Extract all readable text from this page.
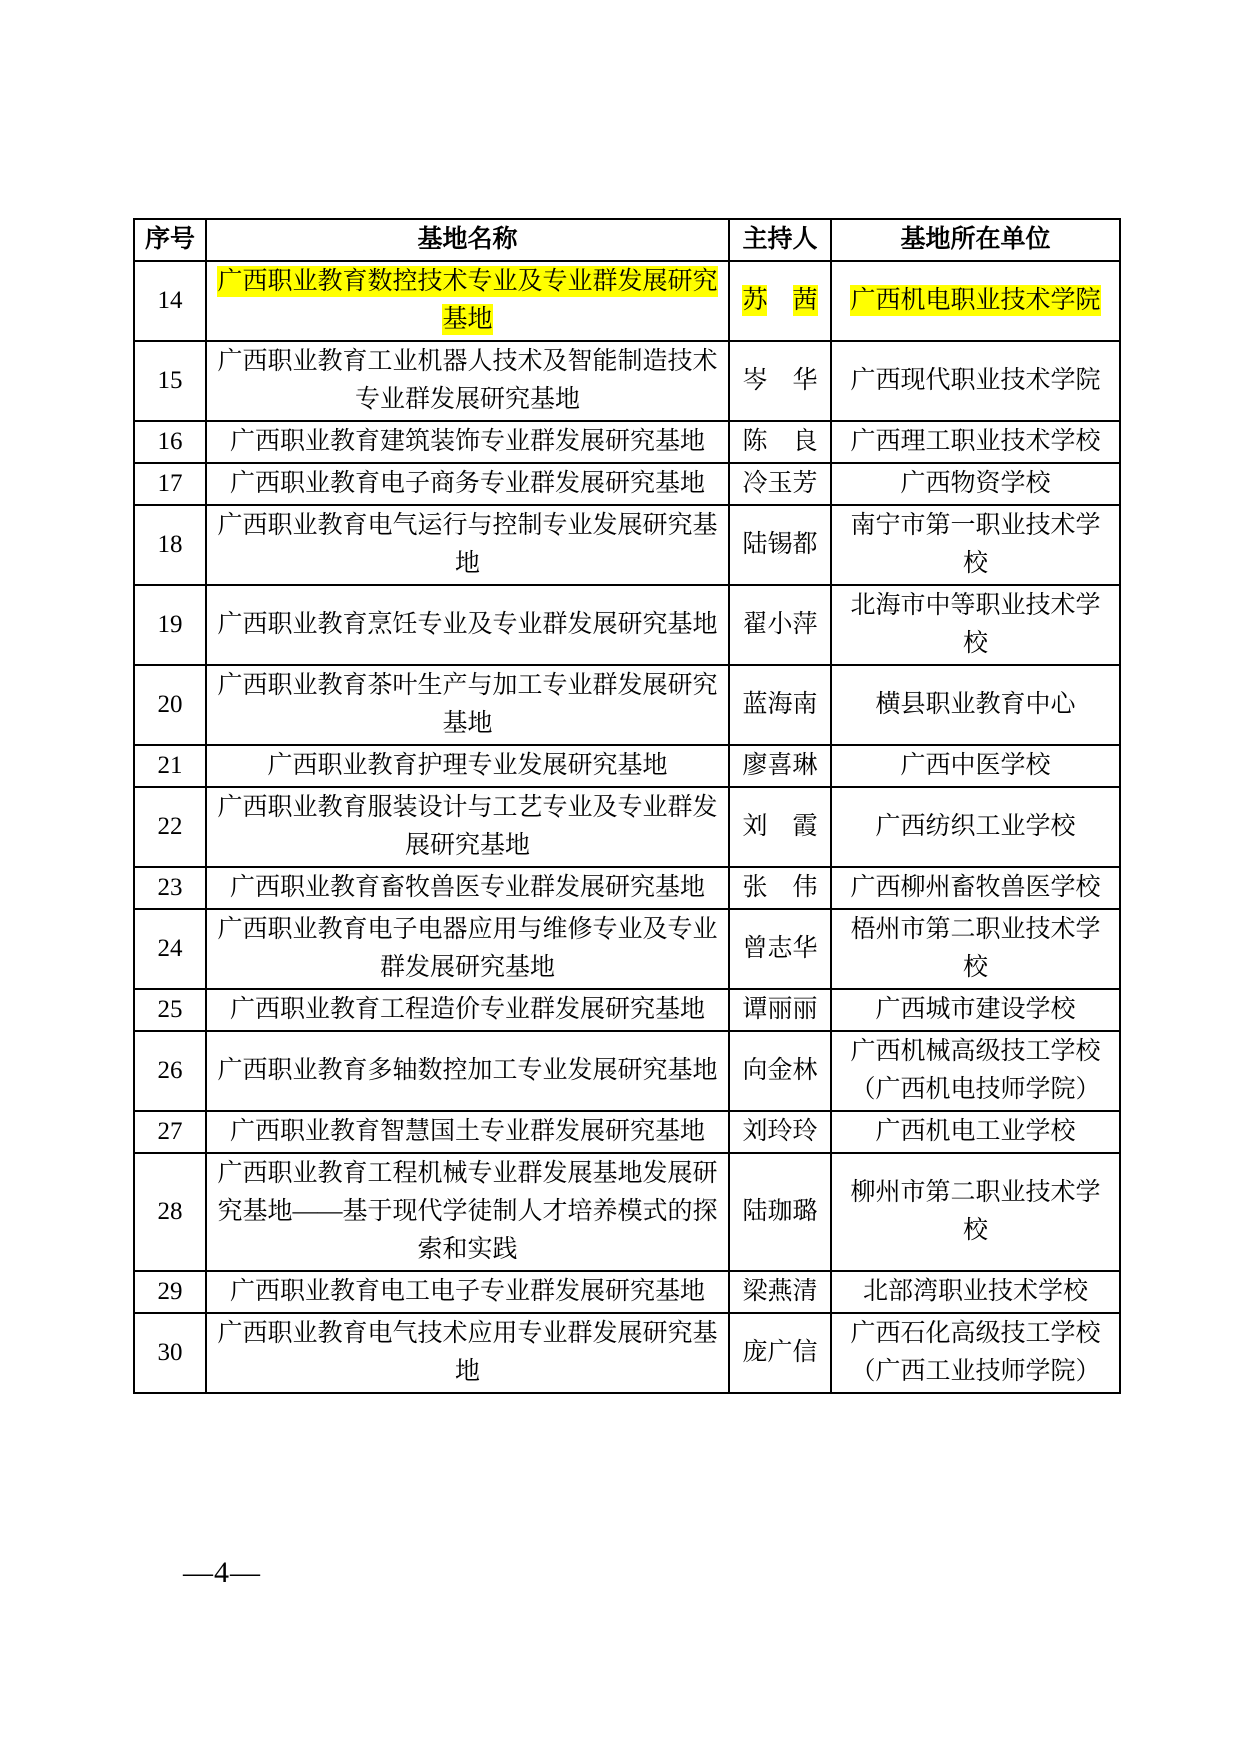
序号	基地名称	主持人	基地所在单位
14	广西职业教育数控技术专业及专业群发展研究基地	苏　 茜	广西机电职业技术学院
15	广西职业教育工业机器人技术及智能制造技术专业群发展研究基地	岑　华	广西现代职业技术学院
16	广西职业教育建筑装饰专业群发展研究基地	陈　良	广西理工职业技术学校
17	广西职业教育电子商务专业群发展研究基地	冷玉芳	广西物资学校
18	广西职业教育电气运行与控制专业发展研究基地	陆锡都	南宁市第一职业技术学校
19	广西职业教育烹饪专业及专业群发展研究基地	翟小萍	北海市中等职业技术学校
20	广西职业教育茶叶生产与加工专业群发展研究基地	蓝海南	横县职业教育中心
21	广西职业教育护理专业发展研究基地	廖喜琳	广西中医学校
22	广西职业教育服装设计与工艺专业及专业群发展研究基地	刘　霞	广西纺织工业学校
23	广西职业教育畜牧兽医专业群发展研究基地	张　伟	广西柳州畜牧兽医学校
24	广西职业教育电子电器应用与维修专业及专业群发展研究基地	曾志华	梧州市第二职业技术学校
25	广西职业教育工程造价专业群发展研究基地	谭丽丽	广西城市建设学校
26	广西职业教育多轴数控加工专业发展研究基地	向金林	广西机械高级技工学校（广西机电技师学院）
27	广西职业教育智慧国土专业群发展研究基地	刘玲玲	广西机电工业学校
28	广西职业教育工程机械专业群发展基地发展研究基地——基于现代学徒制人才培养模式的探索和实践	陆珈璐	柳州市第二职业技术学校
29	广西职业教育电工电子专业群发展研究基地	梁燕清	北部湾职业技术学校
30	广西职业教育电气技术应用专业群发展研究基地	庞广信	广西石化高级技工学校（广西工业技师学院）
—4—
